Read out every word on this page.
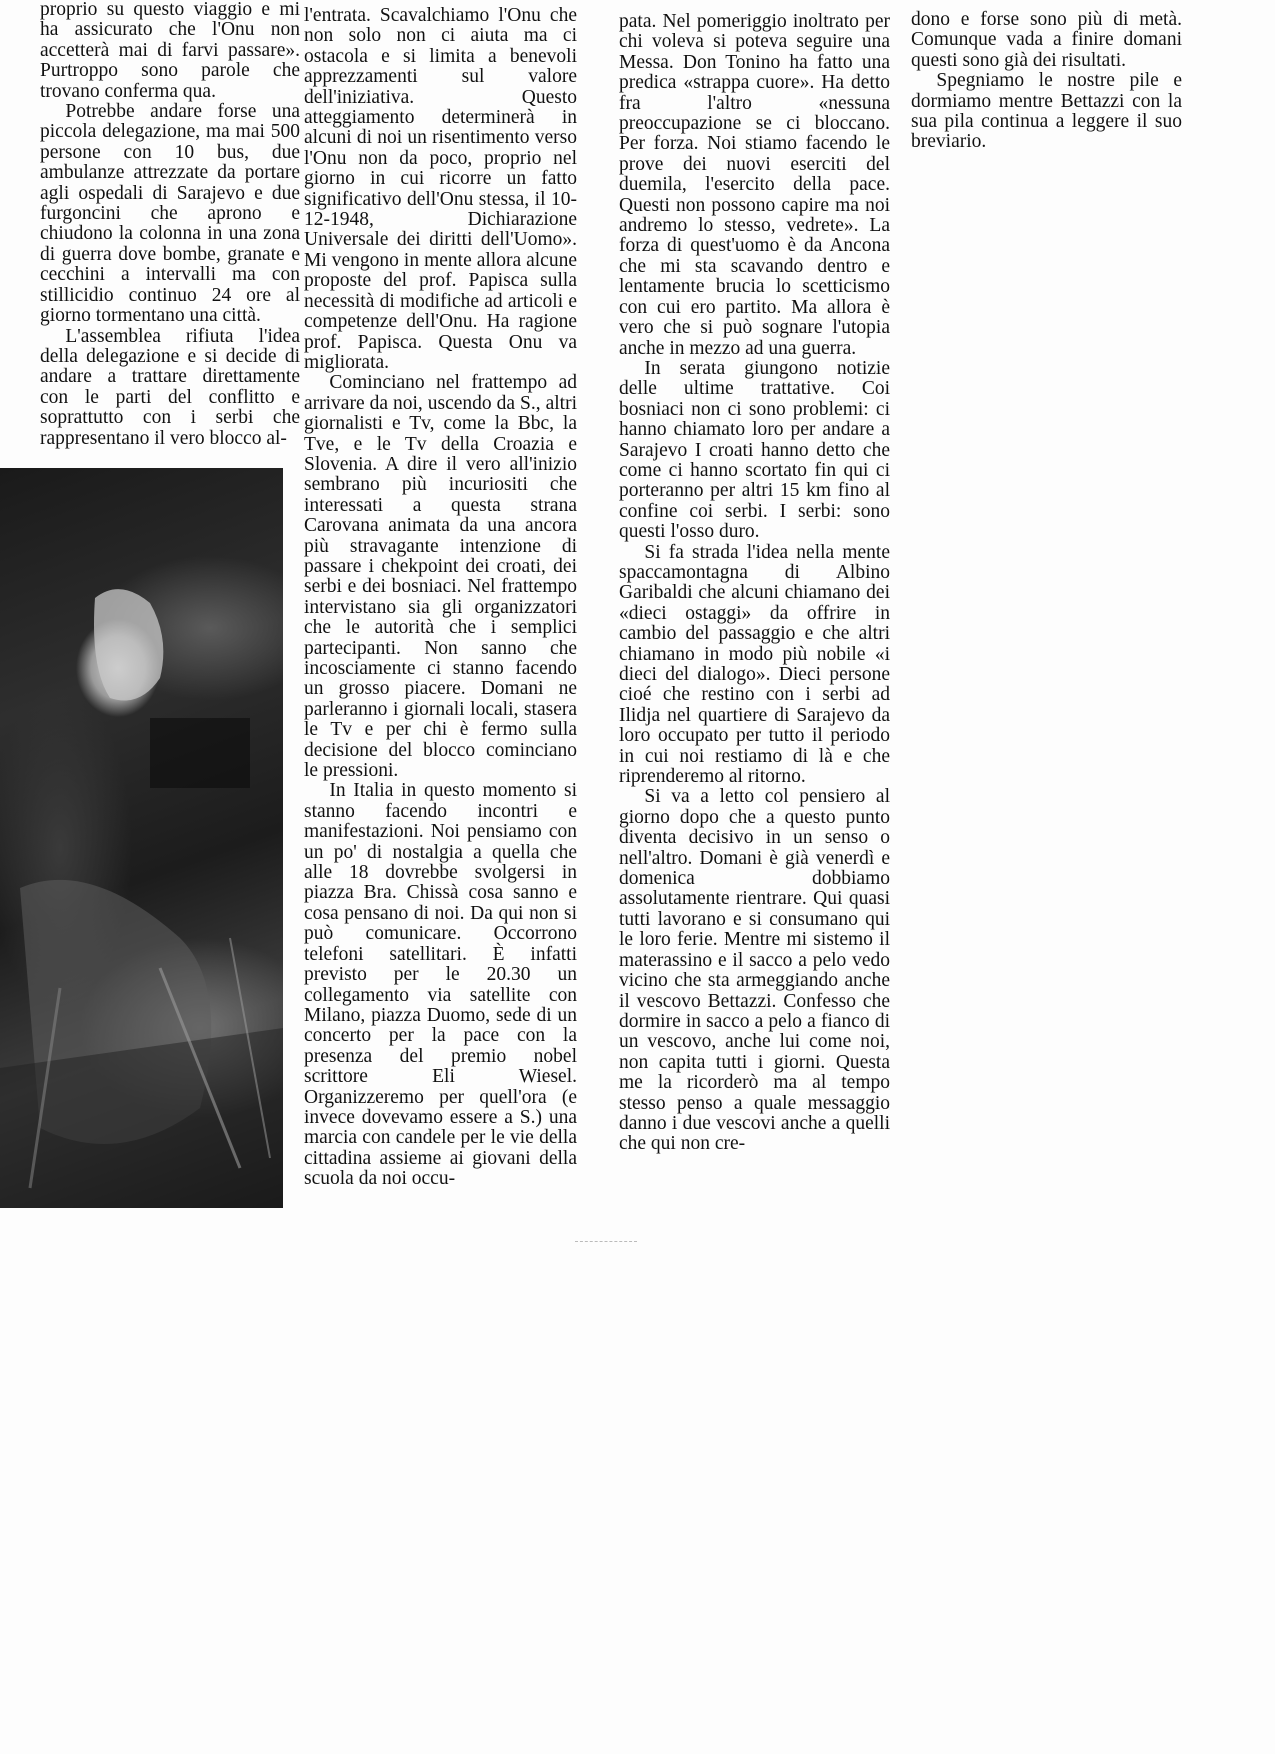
proprio su questo viaggio e mi ha assicurato che l'Onu non accetterà mai di farvi passare». Purtroppo sono parole che trovano conferma qua.

Potrebbe andare forse una piccola delegazione, ma mai 500 persone con 10 bus, due ambulanze attrezzate da portare agli ospedali di Sarajevo e due furgoncini che aprono e chiudono la colonna in una zona di guerra dove bombe, granate e cecchini a intervalli ma con stillicidio continuo 24 ore al giorno tormentano una città.

L'assemblea rifiuta l'idea della delegazione e si decide di andare a trattare direttamente con le parti del conflitto e soprattutto con i serbi che rappresentano il vero blocco al-

l'entrata. Scavalchiamo l'Onu che non solo non ci aiuta ma ci ostacola e si limita a benevoli apprezzamenti sul valore dell'iniziativa. Questo atteggiamento determinerà in alcuni di noi un risentimento verso l'Onu non da poco, proprio nel giorno in cui ricorre un fatto significativo dell'Onu stessa, il 10-12-1948, Dichiarazione Universale dei diritti dell'Uomo». Mi vengono in mente allora alcune proposte del prof. Papisca sulla necessità di modifiche ad articoli e competenze dell'Onu. Ha ragione prof. Papisca. Questa Onu va migliorata.

Cominciano nel frattempo ad arrivare da noi, uscendo da S., altri giornalisti e Tv, come la Bbc, la Tve, e le Tv della Croazia e Slovenia. A dire il vero all'inizio sembrano più incuriositi che interessati a questa strana Carovana animata da una ancora più stravagante intenzione di passare i chekpoint dei croati, dei serbi e dei bosniaci. Nel frattempo intervistano sia gli organizzatori che le autorità che i semplici partecipanti. Non sanno che incosciamente ci stanno facendo un grosso piacere. Domani ne parleranno i giornali locali, stasera le Tv e per chi è fermo sulla decisione del blocco cominciano le pressioni.

In Italia in questo momento si stanno facendo incontri e manifestazioni. Noi pensiamo con un po' di nostalgia a quella che alle 18 dovrebbe svolgersi in piazza Bra. Chissà cosa sanno e cosa pensano di noi. Da qui non si può comunicare. Occorrono telefoni satellitari. È infatti previsto per le 20.30 un collegamento via satellite con Milano, piazza Duomo, sede di un concerto per la pace con la presenza del premio nobel scrittore Eli Wiesel. Organizzeremo per quell'ora (e invece dovevamo essere a S.) una marcia con candele per le vie della cittadina assieme ai giovani della scuola da noi occu-

pata. Nel pomeriggio inoltrato per chi voleva si poteva seguire una Messa. Don Tonino ha fatto una predica «strappa cuore». Ha detto fra l'altro «nessuna preoccupazione se ci bloccano. Per forza. Noi stiamo facendo le prove dei nuovi eserciti del duemila, l'esercito della pace. Questi non possono capire ma noi andremo lo stesso, vedrete». La forza di quest'uomo è da Ancona che mi sta scavando dentro e lentamente brucia lo scetticismo con cui ero partito. Ma allora è vero che si può sognare l'utopia anche in mezzo ad una guerra.

In serata giungono notizie delle ultime trattative. Coi bosniaci non ci sono problemi: ci hanno chiamato loro per andare a Sarajevo I croati hanno detto che come ci hanno scortato fin qui ci porteranno per altri 15 km fino al confine coi serbi. I serbi: sono questi l'osso duro.

Si fa strada l'idea nella mente spaccamontagna di Albino Garibaldi che alcuni chiamano dei «dieci ostaggi» da offrire in cambio del passaggio e che altri chiamano in modo più nobile «i dieci del dialogo». Dieci persone cioé che restino con i serbi ad Ilidja nel quartiere di Sarajevo da loro occupato per tutto il periodo in cui noi restiamo di là e che riprenderemo al ritorno.

Si va a letto col pensiero al giorno dopo che a questo punto diventa decisivo in un senso o nell'altro. Domani è già venerdì e domenica dobbiamo assolutamente rientrare. Qui quasi tutti lavorano e si consumano qui le loro ferie. Mentre mi sistemo il materassino e il sacco a pelo vedo vicino che sta armeggiando anche il vescovo Bettazzi. Confesso che dormire in sacco a pelo a fianco di un vescovo, anche lui come noi, non capita tutti i giorni. Questa me la ricorderò ma al tempo stesso penso a quale messaggio danno i due vescovi anche a quelli che qui non cre-

dono e forse sono più di metà. Comunque vada a finire domani questi sono già dei risultati.

Spegniamo le nostre pile e dormiamo mentre Bettazzi con la sua pila continua a leggere il suo breviario.
